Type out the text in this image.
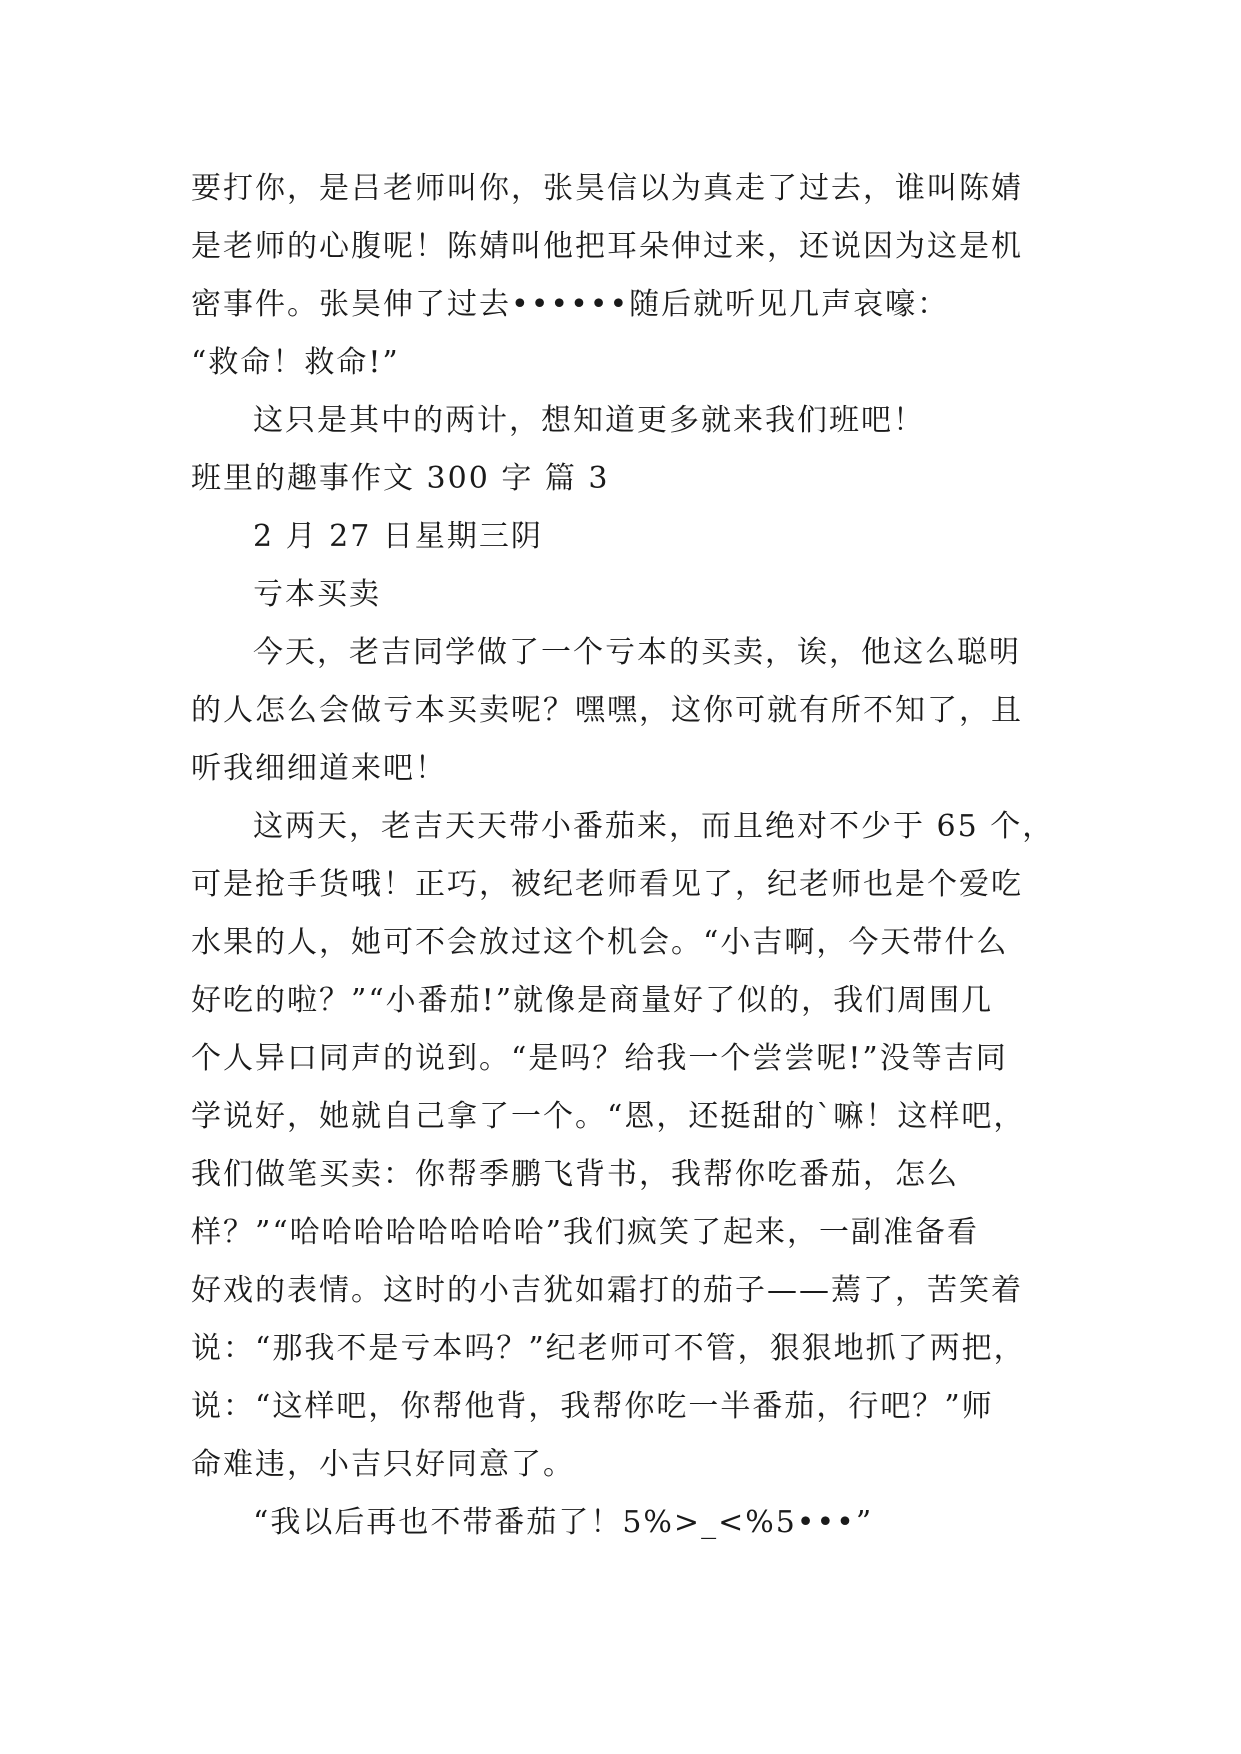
要打你，是吕老师叫你，张昊信以为真走了过去，谁叫陈婧
是老师的心腹呢！陈婧叫他把耳朵伸过来，还说因为这是机
密事件。张昊伸了过去••••••随后就听见几声哀嚎：
“救命！救命!”
这只是其中的两计，想知道更多就来我们班吧！
班里的趣事作文 300 字 篇 3
2 月 27 日星期三阴
亏本买卖
今天，老吉同学做了一个亏本的买卖，诶，他这么聪明
的人怎么会做亏本买卖呢？嘿嘿，这你可就有所不知了，且
听我细细道来吧！
这两天，老吉天天带小番茄来，而且绝对不少于 65 个，
可是抢手货哦！正巧，被纪老师看见了，纪老师也是个爱吃
水果的人，她可不会放过这个机会。“小吉啊，今天带什么
好吃的啦？”“小番茄!”就像是商量好了似的，我们周围几
个人异口同声的说到。“是吗？给我一个尝尝呢!”没等吉同
学说好，她就自己拿了一个。“恩，还挺甜的`嘛！这样吧，
我们做笔买卖：你帮季鹏飞背书，我帮你吃番茄，怎么
样？”“哈哈哈哈哈哈哈哈”我们疯笑了起来，一副准备看
好戏的表情。这时的小吉犹如霜打的茄子——蔫了，苦笑着
说：“那我不是亏本吗？”纪老师可不管，狠狠地抓了两把，
说：“这样吧，你帮他背，我帮你吃一半番茄，行吧？”师
命难违，小吉只好同意了。
“我以后再也不带番茄了！5%>_<%5•••”
